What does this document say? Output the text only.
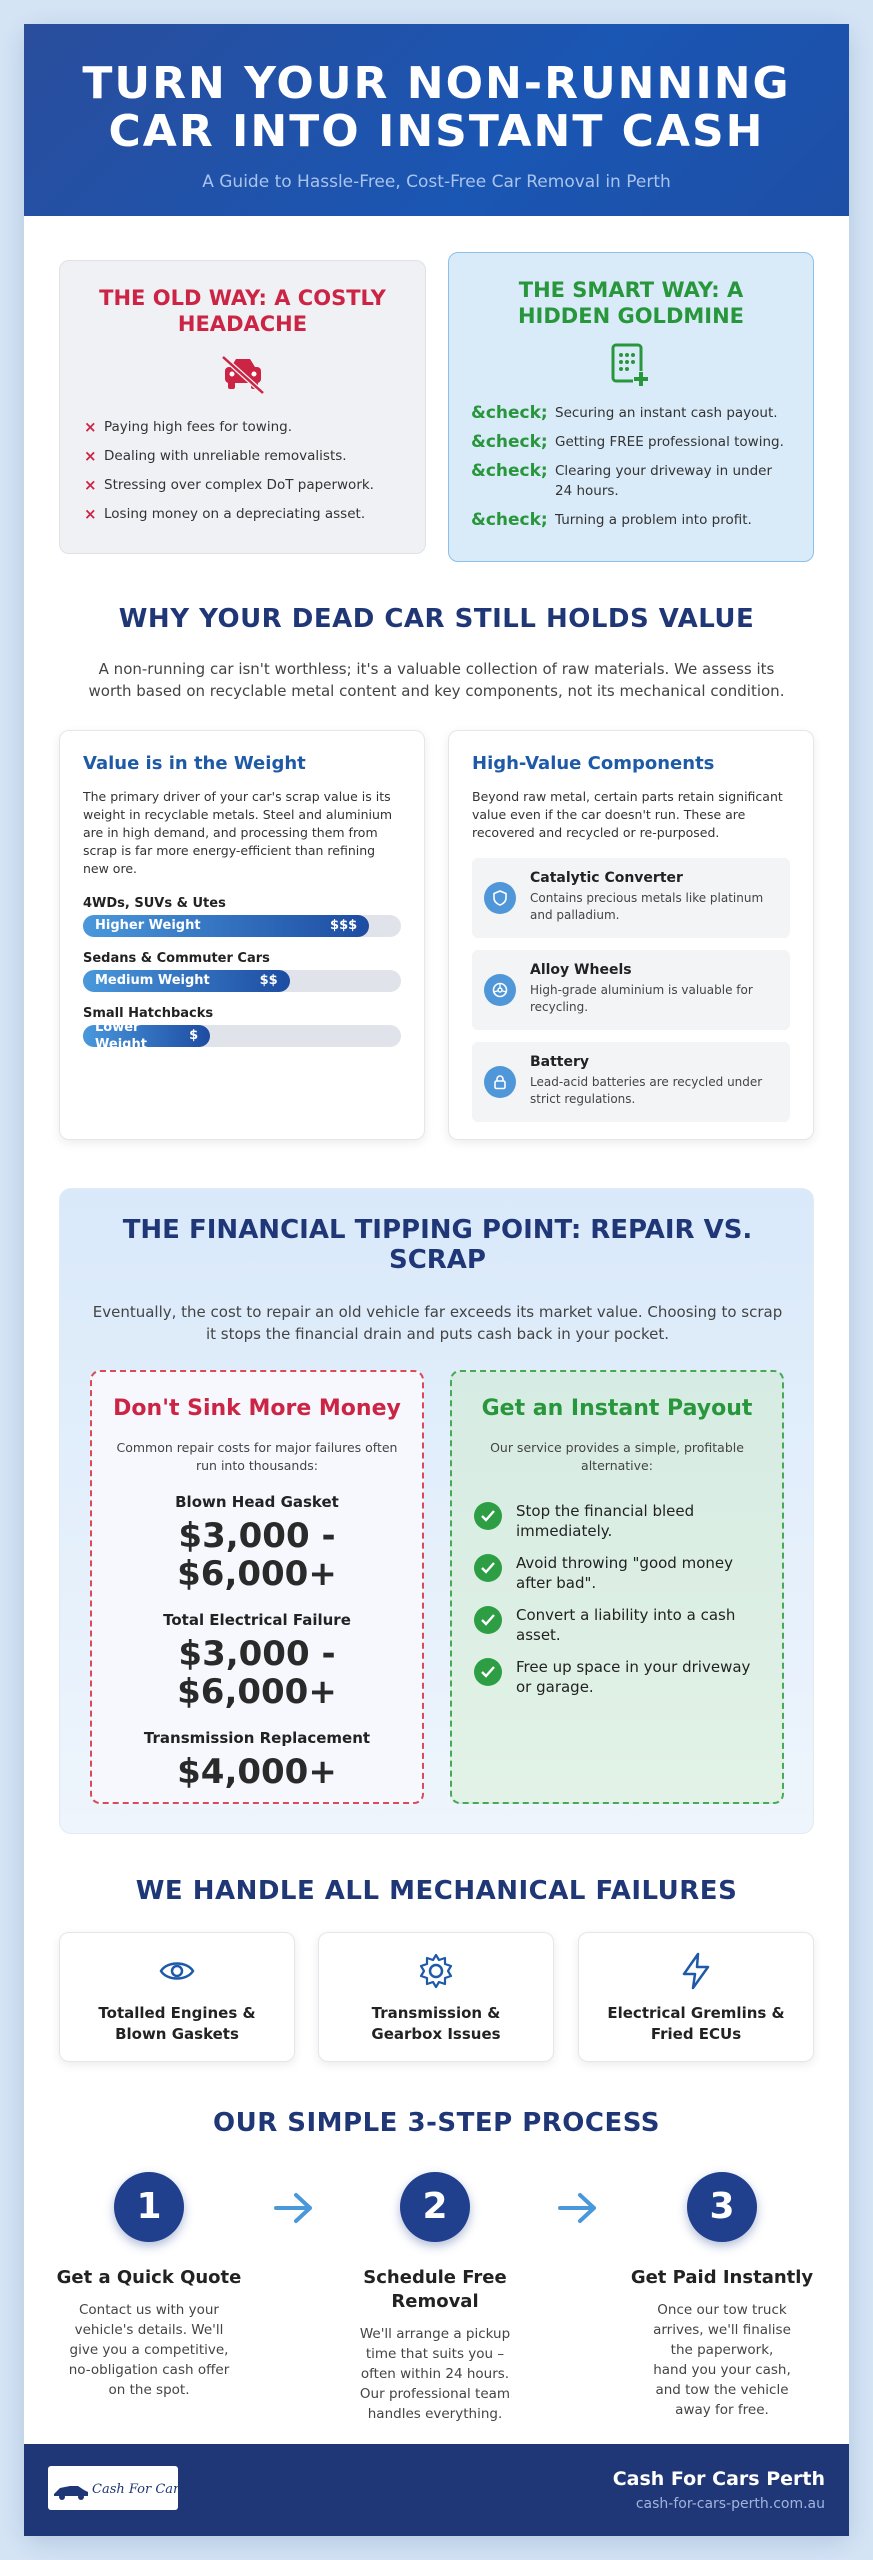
TURN YOUR NON-RUNNING
CAR INTO INSTANT CASH

A Guide to Hassle-Free, Cost-Free Car Removal in Perth

THE OLD WAY: A COSTLY HEADACHE
× Paying high fees for towing.
× Dealing with unreliable removalists.
× Stressing over complex DoT paperwork.
× Losing money on a depreciating asset.
THE SMART WAY: A HIDDEN GOLDMINE
&check; Securing an instant cash payout.
&check; Getting FREE professional towing.
&check; Clearing your driveway in under 24 hours.
&check; Turning a problem into profit.
WHY YOUR DEAD CAR STILL HOLDS VALUE
A non-running car isn't worthless; it's a valuable collection of raw materials. We assess its worth based on recyclable metal content and key components, not its mechanical condition.
Value is in the Weight

The primary driver of your car's scrap value is its weight in recyclable metals. Steel and aluminium are in high demand, and processing them from scrap is far more energy-efficient than refining new ore.

4WDs, SUVs & Utes
Higher Weight	$$$
Sedans & Commuter Cars
Medium Weight	$$
Small Hatchbacks
Lower Weight
$
High-Value Components

Beyond raw metal, certain parts retain significant value even if the car doesn't run. These are recovered and recycled or re-purposed.

Catalytic Converter

Contains precious metals like platinum and palladium.

Alloy Wheels

High-grade aluminium is valuable for recycling.

Battery

Lead-acid batteries are recycled under strict regulations.

THE FINANCIAL TIPPING POINT: REPAIR VS. SCRAP

Eventually, the cost to repair an old vehicle far exceeds its market value. Choosing to scrap it stops the financial drain and puts cash back in your pocket.

Don't Sink More Money

Common repair costs for major failures often run into thousands:

Blown Head Gasket
$3,000 - $6,000+
Total Electrical Failure
$3,000 - $6,000+
Transmission Replacement
$4,000+
Get an Instant Payout

Our service provides a simple, profitable alternative:

Stop the financial bleed immediately.
Avoid throwing "good money after bad".
Convert a liability into a cash asset.
Free up space in your driveway or garage.
WE HANDLE ALL MECHANICAL FAILURES
Totalled Engines & Blown Gaskets
Transmission & Gearbox Issues
Electrical Gremlins & Fried ECUs
OUR SIMPLE 3-STEP PROCESS
1
Get a Quick Quote

Contact us with your vehicle's details. We'll give you a competitive, no-obligation cash offer on the spot.

2
Schedule Free Removal

We'll arrange a pickup time that suits you – often within 24 hours. Our professional team handles everything.

3
Get Paid Instantly

Once our tow truck arrives, we'll finalise the paperwork, hand you your cash, and tow the vehicle away for free.

Cash For Cars Perth	Cash For Cars Perth
cash-for-cars-perth.com.au
